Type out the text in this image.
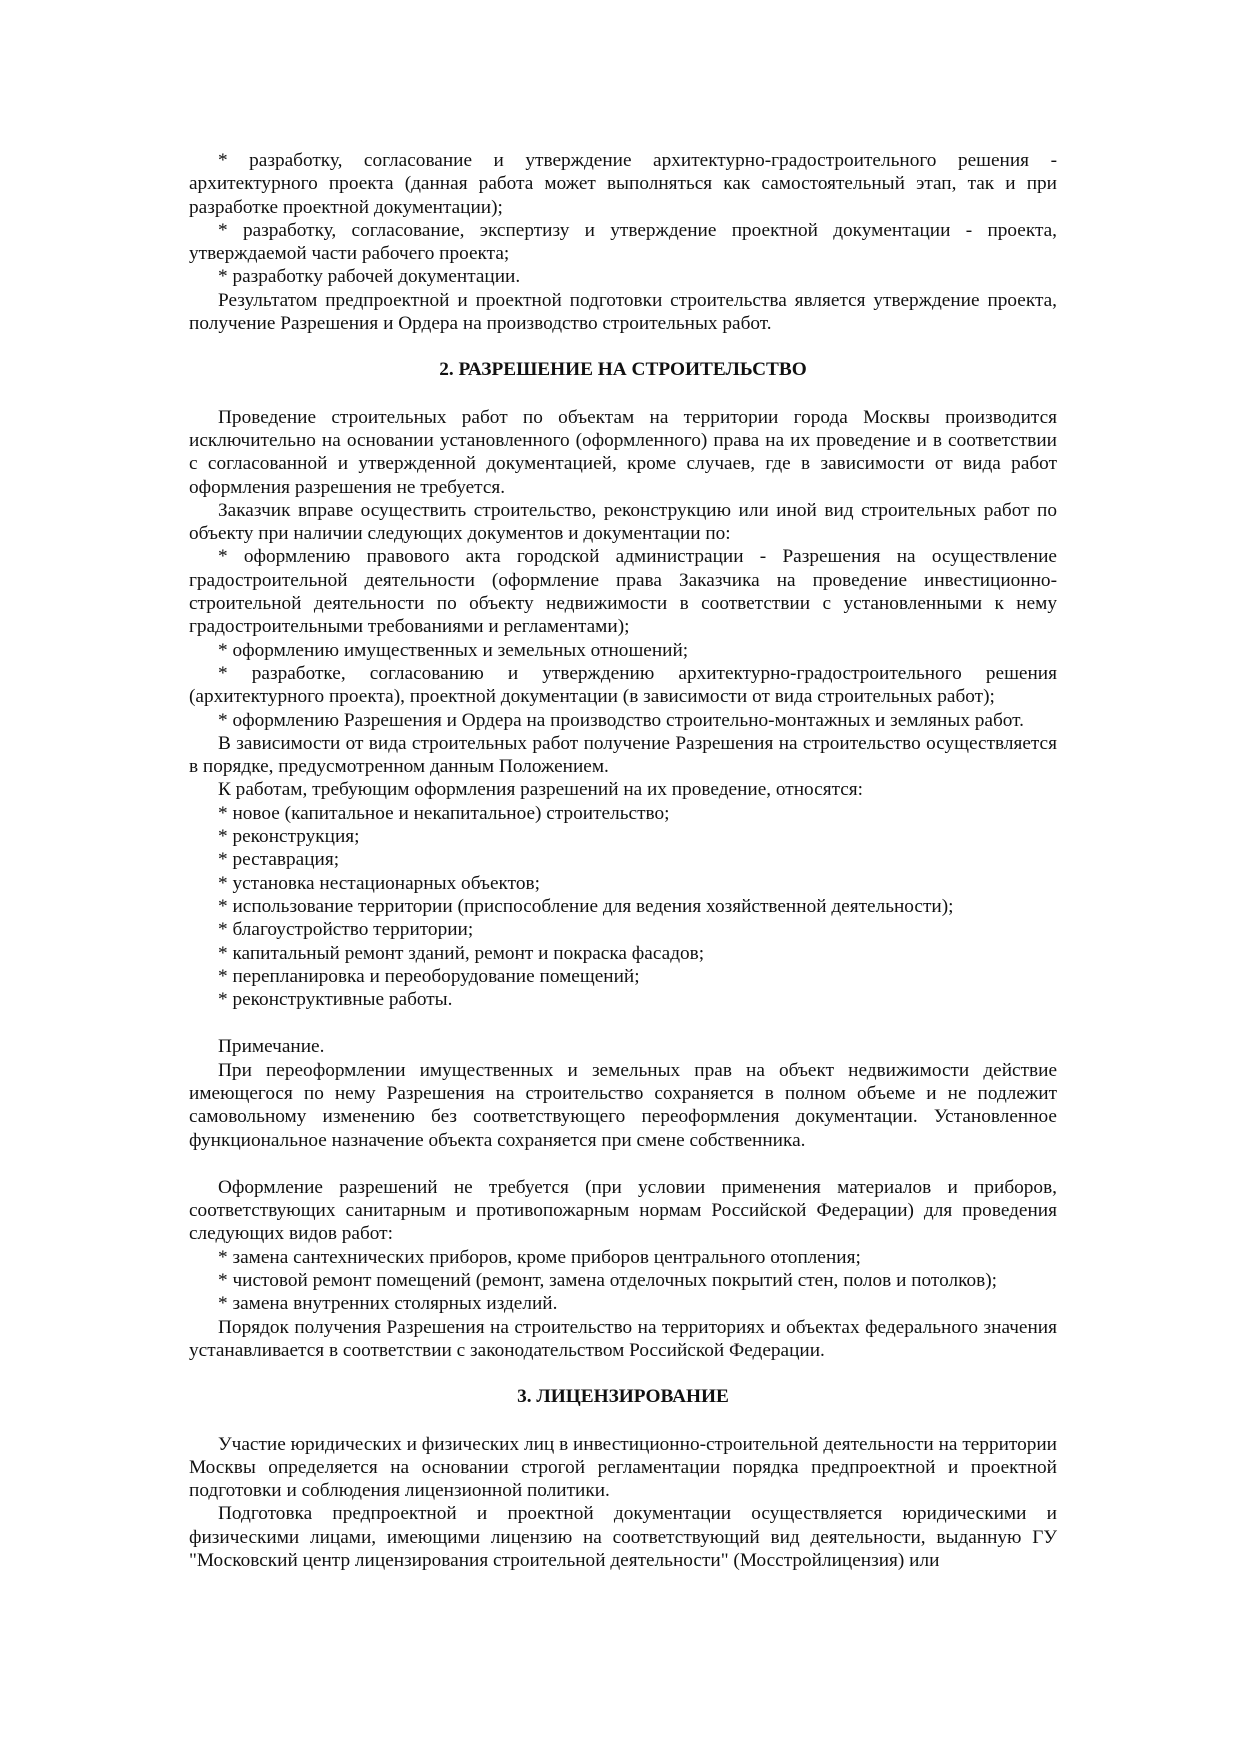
* разработку, согласование и утверждение архитектурно-градостроительного решения - архитектурного проекта (данная работа может выполняться как самостоятельный этап, так и при разработке проектной документации);

* разработку, согласование, экспертизу и утверждение проектной документации - проекта, утверждаемой части рабочего проекта;

* разработку рабочей документации.

Результатом предпроектной и проектной подготовки строительства является утверждение проекта, получение Разрешения и Ордера на производство строительных работ.

2. РАЗРЕШЕНИЕ НА СТРОИТЕЛЬСТВО

Проведение строительных работ по объектам на территории города Москвы производится исключительно на основании установленного (оформленного) права на их проведение и в соответствии с согласованной и утвержденной документацией, кроме случаев, где в зависимости от вида работ оформления разрешения не требуется.

Заказчик вправе осуществить строительство, реконструкцию или иной вид строительных работ по объекту при наличии следующих документов и документации по:

* оформлению правового акта городской администрации - Разрешения на осуществление градостроительной деятельности (оформление права Заказчика на проведение инвестиционно-строительной деятельности по объекту недвижимости в соответствии с установленными к нему градостроительными требованиями и регламентами);

* оформлению имущественных и земельных отношений;

* разработке, согласованию и утверждению архитектурно-градостроительного решения (архитектурного проекта), проектной документации (в зависимости от вида строительных работ);

* оформлению Разрешения и Ордера на производство строительно-монтажных и земляных работ.

В зависимости от вида строительных работ получение Разрешения на строительство осуществляется в порядке, предусмотренном данным Положением.

К работам, требующим оформления разрешений на их проведение, относятся:

* новое (капитальное и некапитальное) строительство;

* реконструкция;

* реставрация;

* установка нестационарных объектов;

* использование территории (приспособление для ведения хозяйственной деятельности);

* благоустройство территории;

* капитальный ремонт зданий, ремонт и покраска фасадов;

* перепланировка и переоборудование помещений;

* реконструктивные работы.

Примечание.

При переоформлении имущественных и земельных прав на объект недвижимости действие имеющегося по нему Разрешения на строительство сохраняется в полном объеме и не подлежит самовольному изменению без соответствующего переоформления документации. Установленное функциональное назначение объекта сохраняется при смене собственника.

Оформление разрешений не требуется (при условии применения материалов и приборов, соответствующих санитарным и противопожарным нормам Российской Федерации) для проведения следующих видов работ:

* замена сантехнических приборов, кроме приборов центрального отопления;

* чистовой ремонт помещений (ремонт, замена отделочных покрытий стен, полов и потолков);

* замена внутренних столярных изделий.

Порядок получения Разрешения на строительство на территориях и объектах федерального значения устанавливается в соответствии с законодательством Российской Федерации.

3. ЛИЦЕНЗИРОВАНИЕ

Участие юридических и физических лиц в инвестиционно-строительной деятельности на территории Москвы определяется на основании строгой регламентации порядка предпроектной и проектной подготовки и соблюдения лицензионной политики.

Подготовка предпроектной и проектной документации осуществляется юридическими и физическими лицами, имеющими лицензию на соответствующий вид деятельности, выданную ГУ "Московский центр лицензирования строительной деятельности" (Мосстройлицензия) или
